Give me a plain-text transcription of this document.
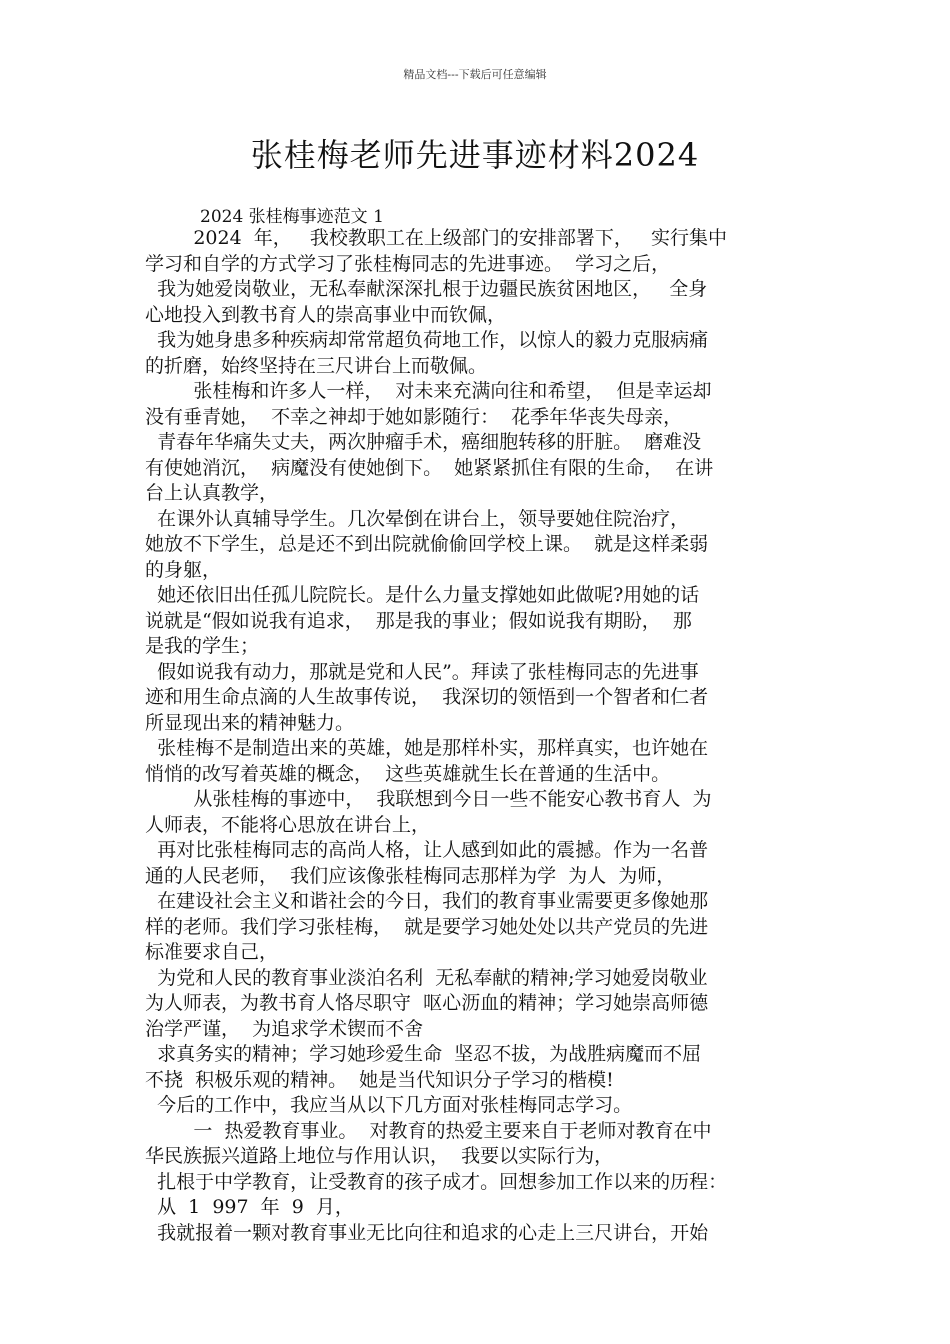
精品文档---下载后可任意编辑
张桂梅老师先进事迹材料2024
2024 张桂梅事迹范文 1
2024  年，   我校教职工在上级部门的安排部署下，   实行集中
学习和自学的方式学习了张桂梅同志的先进事迹。  学习之后，
我为她爱岗敬业，无私奉献深深扎根于边疆民族贫困地区，   全身
心地投入到教书育人的崇高事业中而钦佩，
我为她身患多种疾病却常常超负荷地工作，以惊人的毅力克服病痛
的折磨，始终坚持在三尺讲台上而敬佩。
张桂梅和许多人一样，  对未来充满向往和希望，  但是幸运却
没有垂青她，  不幸之神却于她如影随行：  花季年华丧失母亲，
青春年华痛失丈夫，两次肿瘤手术，癌细胞转移的肝脏。  磨难没
有使她消沉，  病魔没有使她倒下。  她紧紧抓住有限的生命，  在讲
台上认真教学，
在课外认真辅导学生。几次晕倒在讲台上，领导要她住院治疗，
她放不下学生，总是还不到出院就偷偷回学校上课。  就是这样柔弱
的身躯，
她还依旧出任孤儿院院长。是什么力量支撑她如此做呢?用她的话
说就是“假如说我有追求，  那是我的事业；假如说我有期盼，  那
是我的学生；
假如说我有动力，那就是党和人民”。拜读了张桂梅同志的先进事
迹和用生命点滴的人生故事传说，  我深切的领悟到一个智者和仁者
所显现出来的精神魅力。
张桂梅不是制造出来的英雄，她是那样朴实，那样真实，也许她在
悄悄的改写着英雄的概念，  这些英雄就生长在普通的生活中。
从张桂梅的事迹中，  我联想到今日一些不能安心教书育人  为
人师表，不能将心思放在讲台上，
再对比张桂梅同志的高尚人格，让人感到如此的震撼。作为一名普
通的人民老师，  我们应该像张桂梅同志那样为学  为人  为师，
在建设社会主义和谐社会的今日，我们的教育事业需要更多像她那
样的老师。我们学习张桂梅，  就是要学习她处处以共产党员的先进
标准要求自己，
为党和人民的教育事业淡泊名利  无私奉献的精神;学习她爱岗敬业
为人师表，为教书育人恪尽职守  呕心沥血的精神；学习她崇高师德
治学严谨，  为追求学术锲而不舍
求真务实的精神；学习她珍爱生命  坚忍不拔，为战胜病魔而不屈
不挠  积极乐观的精神。  她是当代知识分子学习的楷模!
今后的工作中，我应当从以下几方面对张桂梅同志学习。
一  热爱教育事业。  对教育的热爱主要来自于老师对教育在中
华民族振兴道路上地位与作用认识，  我要以实际行为，
扎根于中学教育，让受教育的孩子成才。回想参加工作以来的历程：
从  1  997  年  9  月，
我就报着一颗对教育事业无比向往和追求的心走上三尺讲台，开始
